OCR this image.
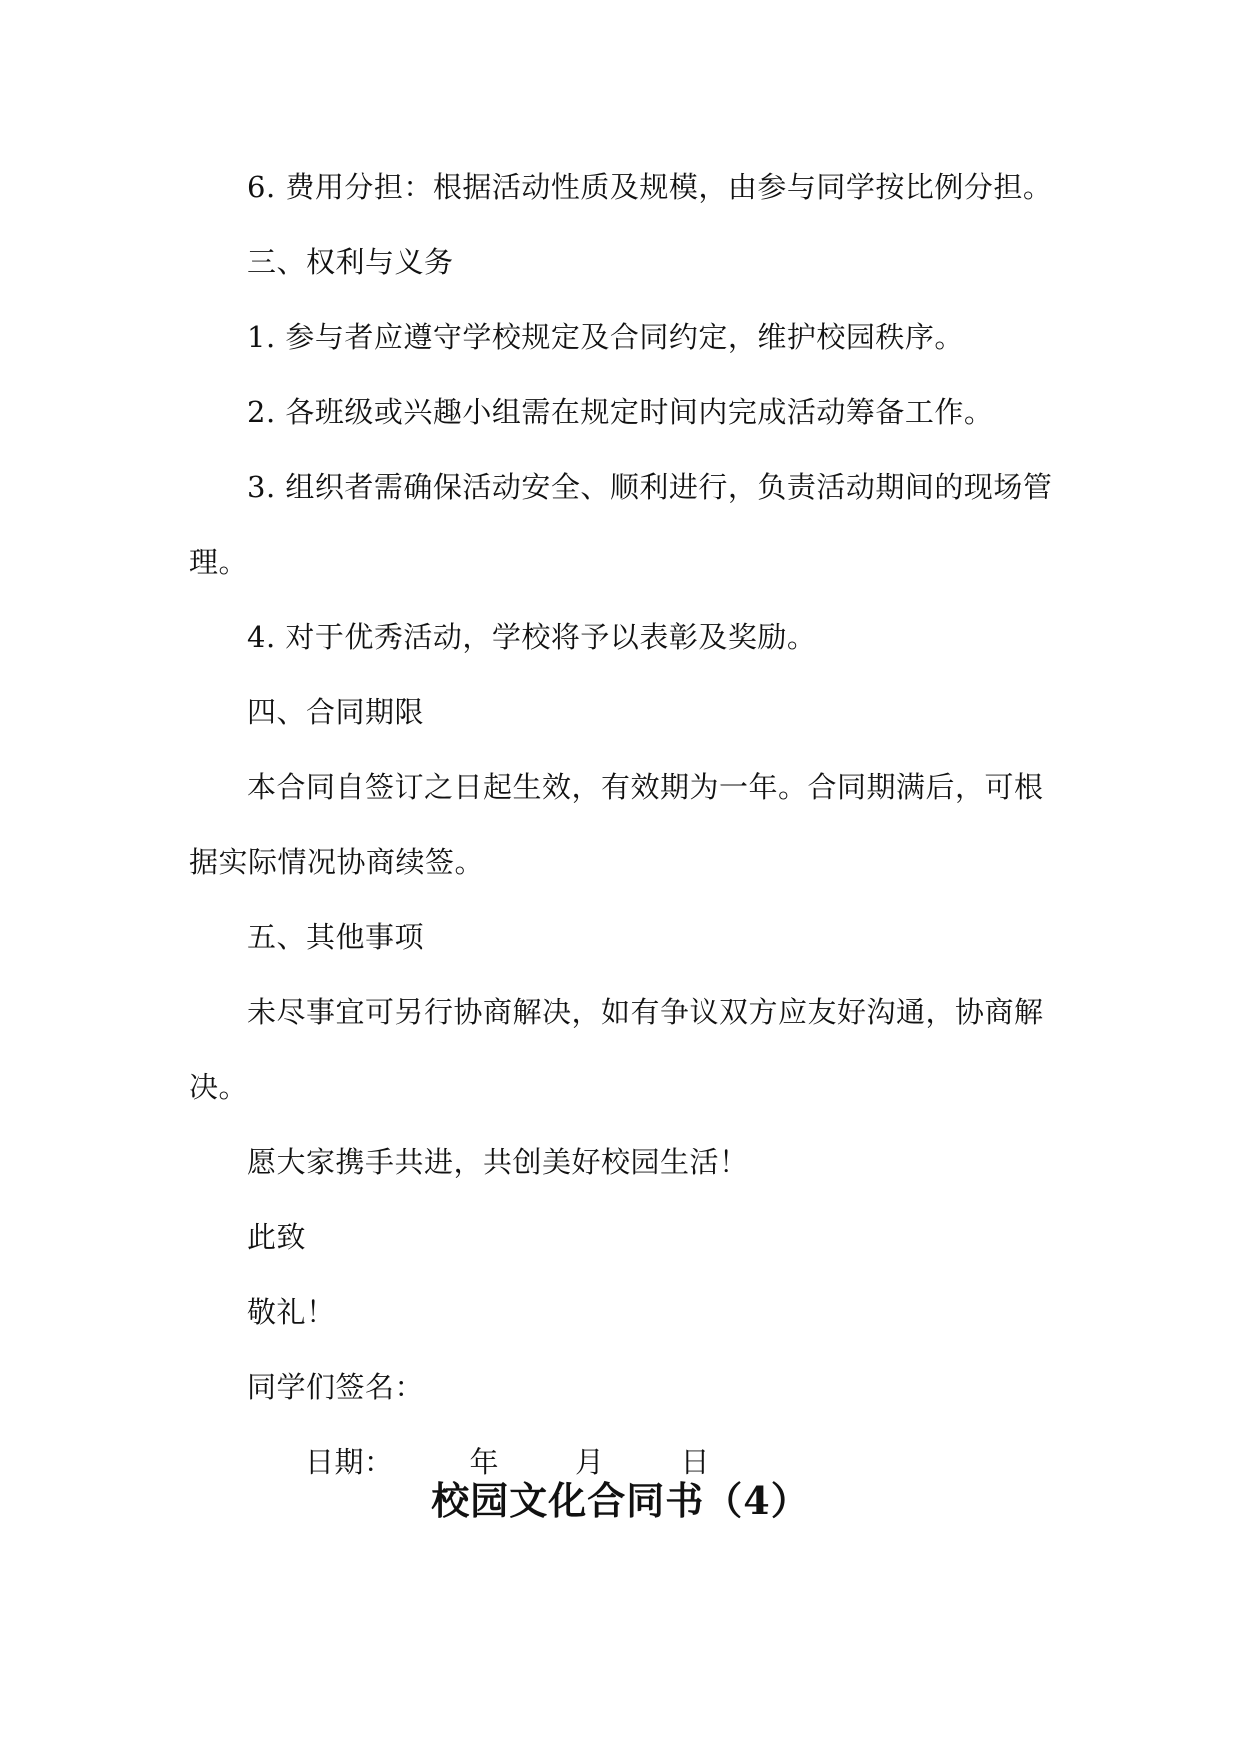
6. 费用分担：根据活动性质及规模，由参与同学按比例分担。

三、权利与义务

1. 参与者应遵守学校规定及合同约定，维护校园秩序。

2. 各班级或兴趣小组需在规定时间内完成活动筹备工作。

3. 组织者需确保活动安全、顺利进行，负责活动期间的现场管理。

4. 对于优秀活动，学校将予以表彰及奖励。

四、合同期限

本合同自签订之日起生效，有效期为一年。合同期满后，可根据实际情况协商续签。

五、其他事项

未尽事宜可另行协商解决，如有争议双方应友好沟通，协商解决。

愿大家携手共进，共创美好校园生活！

此致

敬礼！

同学们签名：

日期：	年	月	日

校园文化合同书（4）
